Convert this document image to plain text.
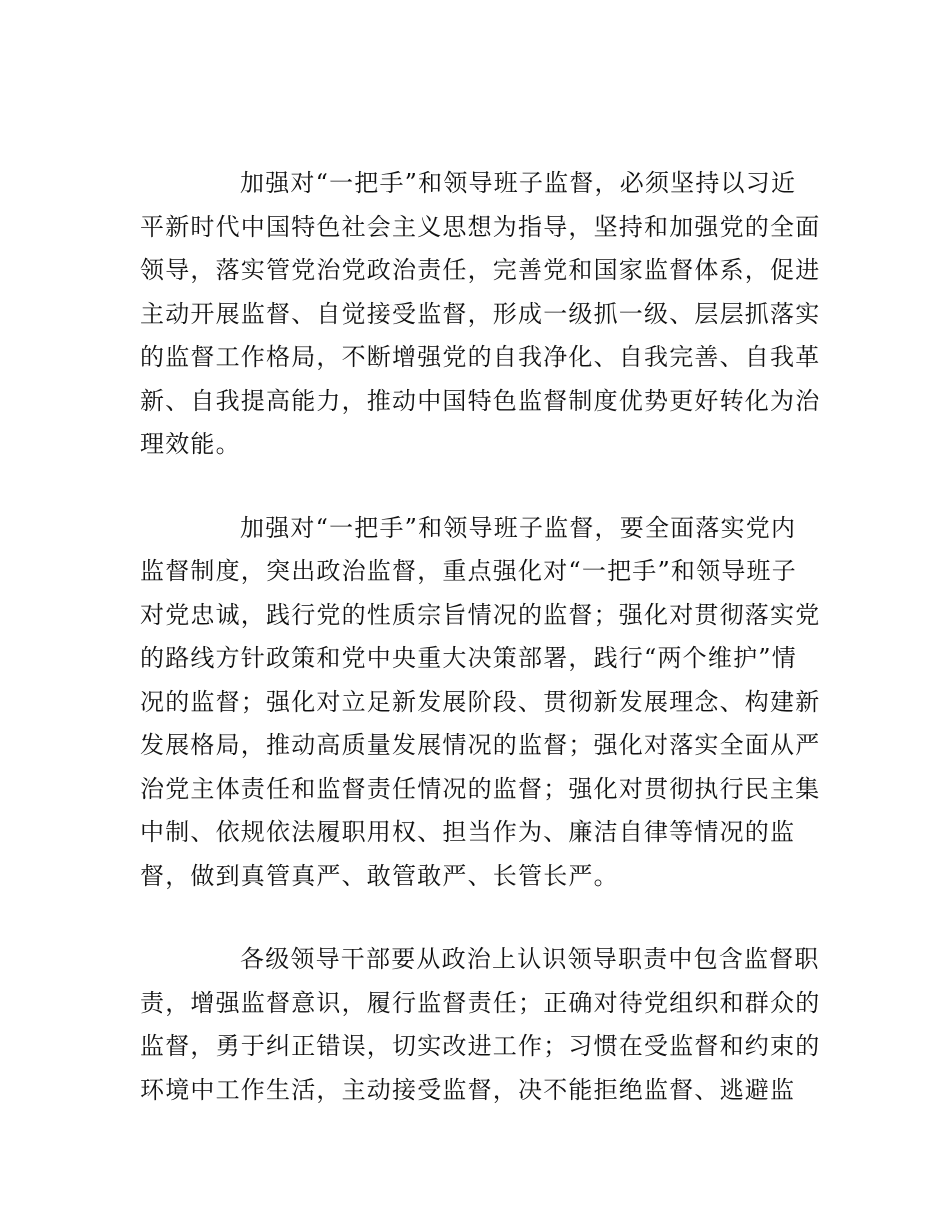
加强对“一把手”和领导班子监督，必须坚持以习近
平新时代中国特色社会主义思想为指导，坚持和加强党的全面
领导，落实管党治党政治责任，完善党和国家监督体系，促进
主动开展监督、自觉接受监督，形成一级抓一级、层层抓落实
的监督工作格局，不断增强党的自我净化、自我完善、自我革
新、自我提高能力，推动中国特色监督制度优势更好转化为治
理效能。

加强对“一把手”和领导班子监督，要全面落实党内
监督制度，突出政治监督，重点强化对“一把手”和领导班子
对党忠诚，践行党的性质宗旨情况的监督；强化对贯彻落实党
的路线方针政策和党中央重大决策部署，践行“两个维护”情
况的监督；强化对立足新发展阶段、贯彻新发展理念、构建新
发展格局，推动高质量发展情况的监督；强化对落实全面从严
治党主体责任和监督责任情况的监督；强化对贯彻执行民主集
中制、依规依法履职用权、担当作为、廉洁自律等情况的监
督，做到真管真严、敢管敢严、长管长严。

各级领导干部要从政治上认识领导职责中包含监督职
责，增强监督意识，履行监督责任；正确对待党组织和群众的
监督，勇于纠正错误，切实改进工作；习惯在受监督和约束的
环境中工作生活，主动接受监督，决不能拒绝监督、逃避监
